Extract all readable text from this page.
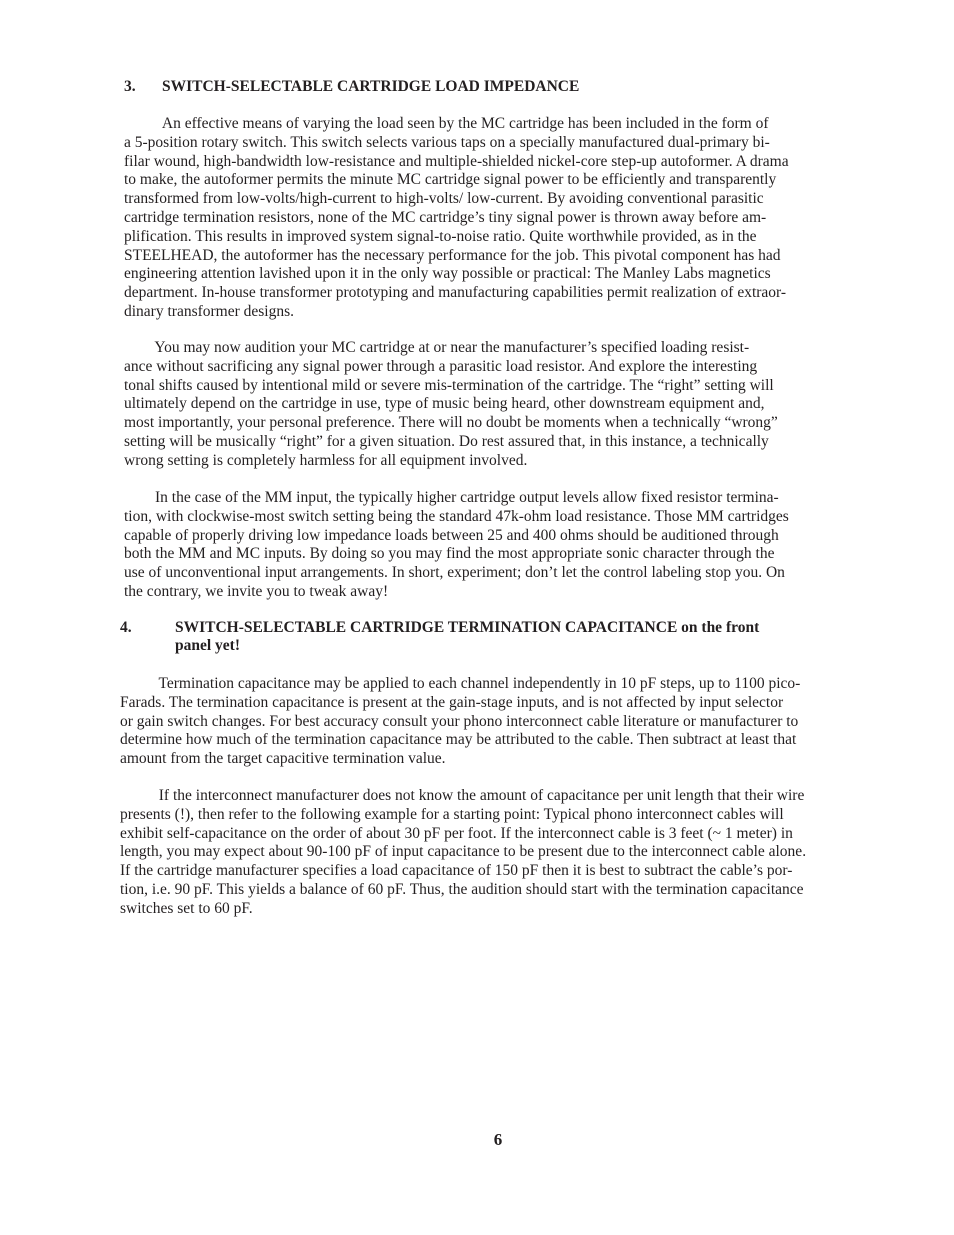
3.	SWITCH-SELECTABLE CARTRIDGE LOAD IMPEDANCE

An effective means of varying the load seen by the MC cartridge has been included in the form of
a 5-position rotary switch. This switch selects various taps on a specially manufactured dual-primary bi-
filar wound, high-bandwidth low-resistance and multiple-shielded nickel-core step-up autoformer. A drama
to make, the autoformer permits the minute MC cartridge signal power to be efficiently and transparently
transformed from low-volts/high-current to high-volts/ low-current. By avoiding conventional parasitic
cartridge termination resistors, none of the MC cartridge’s tiny signal power is thrown away before am-
plification. This results in improved system signal-to-noise ratio. Quite worthwhile provided, as in the
STEELHEAD, the autoformer has the necessary performance for the job. This pivotal component has had
engineering attention lavished upon it in the only way possible or practical: The Manley Labs magnetics
department. In-house transformer prototyping and manufacturing capabilities permit realization of extraor-
dinary transformer designs.

You may now audition your MC cartridge at or near the manufacturer’s specified loading resist-
ance without sacrificing any signal power through a parasitic load resistor. And explore the interesting
tonal shifts caused by intentional mild or severe mis-termination of the cartridge. The “right” setting will
ultimately depend on the cartridge in use, type of music being heard, other downstream equipment and,
most importantly, your personal preference. There will no doubt be moments when a technically “wrong”
setting will be musically “right” for a given situation. Do rest assured that, in this instance, a technically
wrong setting is completely harmless for all equipment involved.

In the case of the MM input, the typically higher cartridge output levels allow fixed resistor termina-
tion, with clockwise-most switch setting being the standard 47k-ohm load resistance. Those MM cartridges
capable of properly driving low impedance loads between 25 and 400 ohms should be auditioned through
both the MM and MC inputs. By doing so you may find the most appropriate sonic character through the
use of unconventional input arrangements. In short, experiment; don’t let the control labeling stop you. On
the contrary, we invite you to tweak away!

4.	SWITCH-SELECTABLE CARTRIDGE TERMINATION CAPACITANCE on the front
panel yet!

Termination capacitance may be applied to each channel independently in 10 pF steps, up to 1100 pico-
Farads. The termination capacitance is present at the gain-stage inputs, and is not affected by input selector
or gain switch changes. For best accuracy consult your phono interconnect cable literature or manufacturer to
determine how much of the termination capacitance may be attributed to the cable. Then subtract at least that
amount from the target capacitive termination value.

If the interconnect manufacturer does not know the amount of capacitance per unit length that their wire
presents (!), then refer to the following example for a starting point: Typical phono interconnect cables will
exhibit self-capacitance on the order of about 30 pF per foot. If the interconnect cable is 3 feet (~ 1 meter) in
length, you may expect about 90-100 pF of input capacitance to be present due to the interconnect cable alone.
If the cartridge manufacturer specifies a load capacitance of 150 pF then it is best to subtract the cable’s por-
tion, i.e. 90 pF. This yields a balance of 60 pF. Thus, the audition should start with the termination capacitance
switches set to 60 pF.

6
